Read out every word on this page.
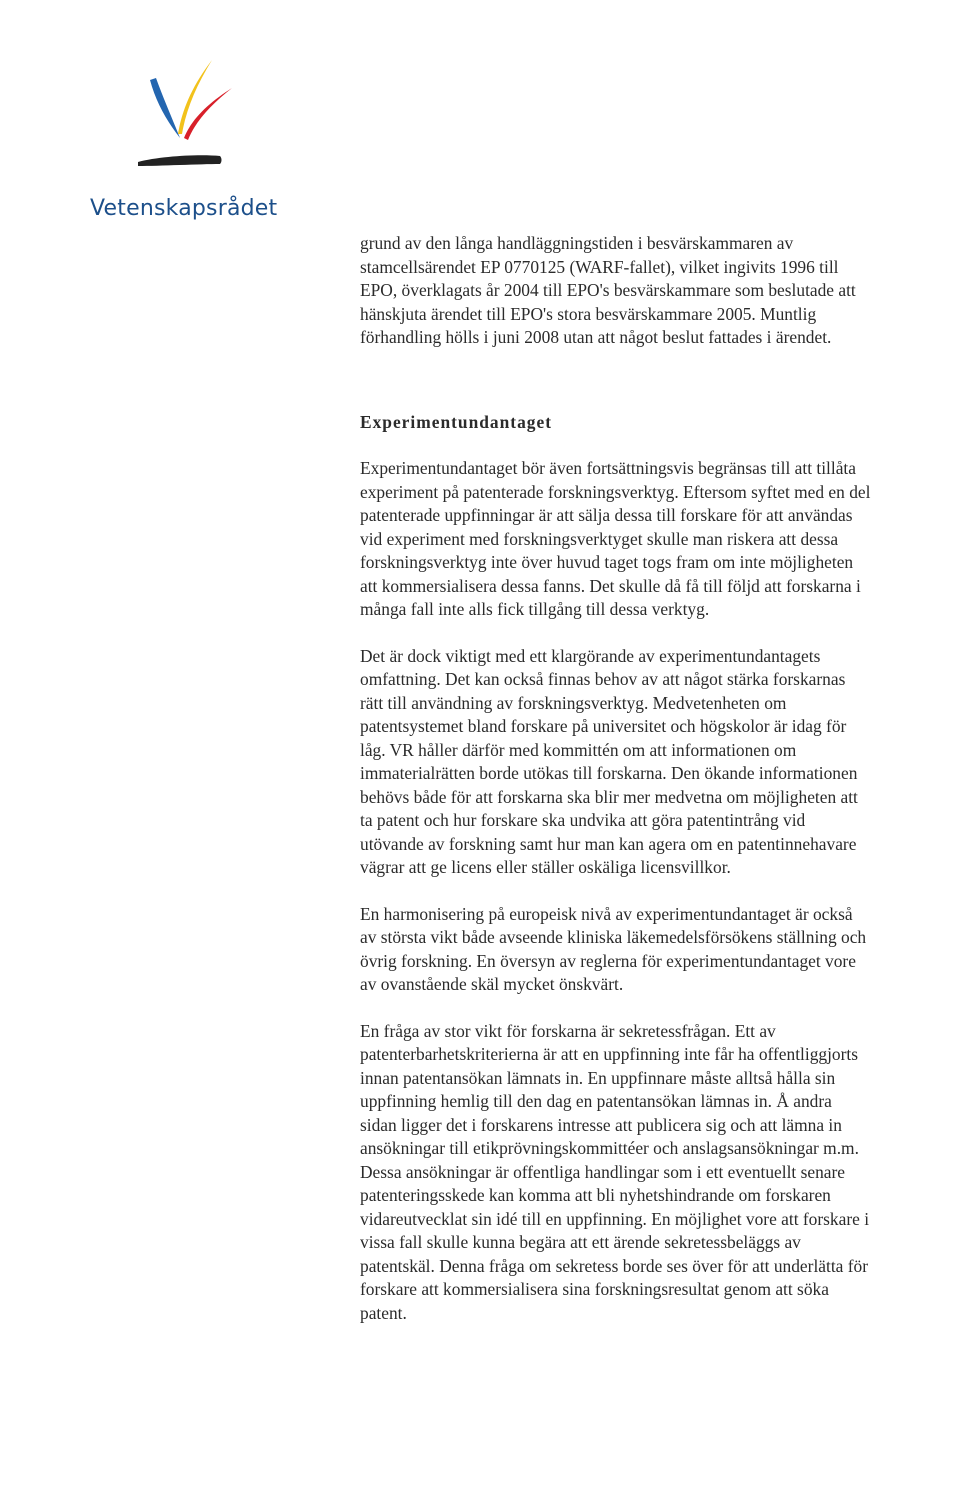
Vetenskapsrådet

grund av den långa handläggningstiden i besvärskammaren av
stamcellsärendet EP 0770125 (WARF-fallet), vilket ingivits 1996 till
EPO, överklagats år 2004 till EPO's besvärskammare som beslutade att
hänskjuta ärendet till EPO's stora besvärskammare 2005. Muntlig
förhandling hölls i juni 2008 utan att något beslut fattades i ärendet.

Experimentundantaget

Experimentundantaget bör även fortsättningsvis begränsas till att tillåta
experiment på patenterade forskningsverktyg. Eftersom syftet med en del
patenterade uppfinningar är att sälja dessa till forskare för att användas
vid experiment med forskningsverktyget skulle man riskera att dessa
forskningsverktyg inte över huvud taget togs fram om inte möjligheten
att kommersialisera dessa fanns. Det skulle då få till följd att forskarna i
många fall inte alls fick tillgång till dessa verktyg.

Det är dock viktigt med ett klargörande av experimentundantagets
omfattning. Det kan också finnas behov av att något stärka forskarnas
rätt till användning av forskningsverktyg. Medvetenheten om
patentsystemet bland forskare på universitet och högskolor är idag för
låg. VR håller därför med kommittén om att informationen om
immaterialrätten borde utökas till forskarna. Den ökande informationen
behövs både för att forskarna ska blir mer medvetna om möjligheten att
ta patent och hur forskare ska undvika att göra patentintrång vid
utövande av forskning samt hur man kan agera om en patentinnehavare
vägrar att ge licens eller ställer oskäliga licensvillkor.

En harmonisering på europeisk nivå av experimentundantaget är också
av största vikt både avseende kliniska läkemedelsförsökens ställning och
övrig forskning. En översyn av reglerna för experimentundantaget vore
av ovanstående skäl mycket önskvärt.

En fråga av stor vikt för forskarna är sekretessfrågan. Ett av
patenterbarhetskriterierna är att en uppfinning inte får ha offentliggjorts
innan patentansökan lämnats in. En uppfinnare måste alltså hålla sin
uppfinning hemlig till den dag en patentansökan lämnas in. Å andra
sidan ligger det i forskarens intresse att publicera sig och att lämna in
ansökningar till etikprövningskommittéer och anslagsansökningar m.m.
Dessa ansökningar är offentliga handlingar som i ett eventuellt senare
patenteringsskede kan komma att bli nyhetshindrande om forskaren
vidareutvecklat sin idé till en uppfinning. En möjlighet vore att forskare i
vissa fall skulle kunna begära att ett ärende sekretessbeläggs av
patentskäl. Denna fråga om sekretess borde ses över för att underlätta för
forskare att kommersialisera sina forskningsresultat genom att söka
patent.
